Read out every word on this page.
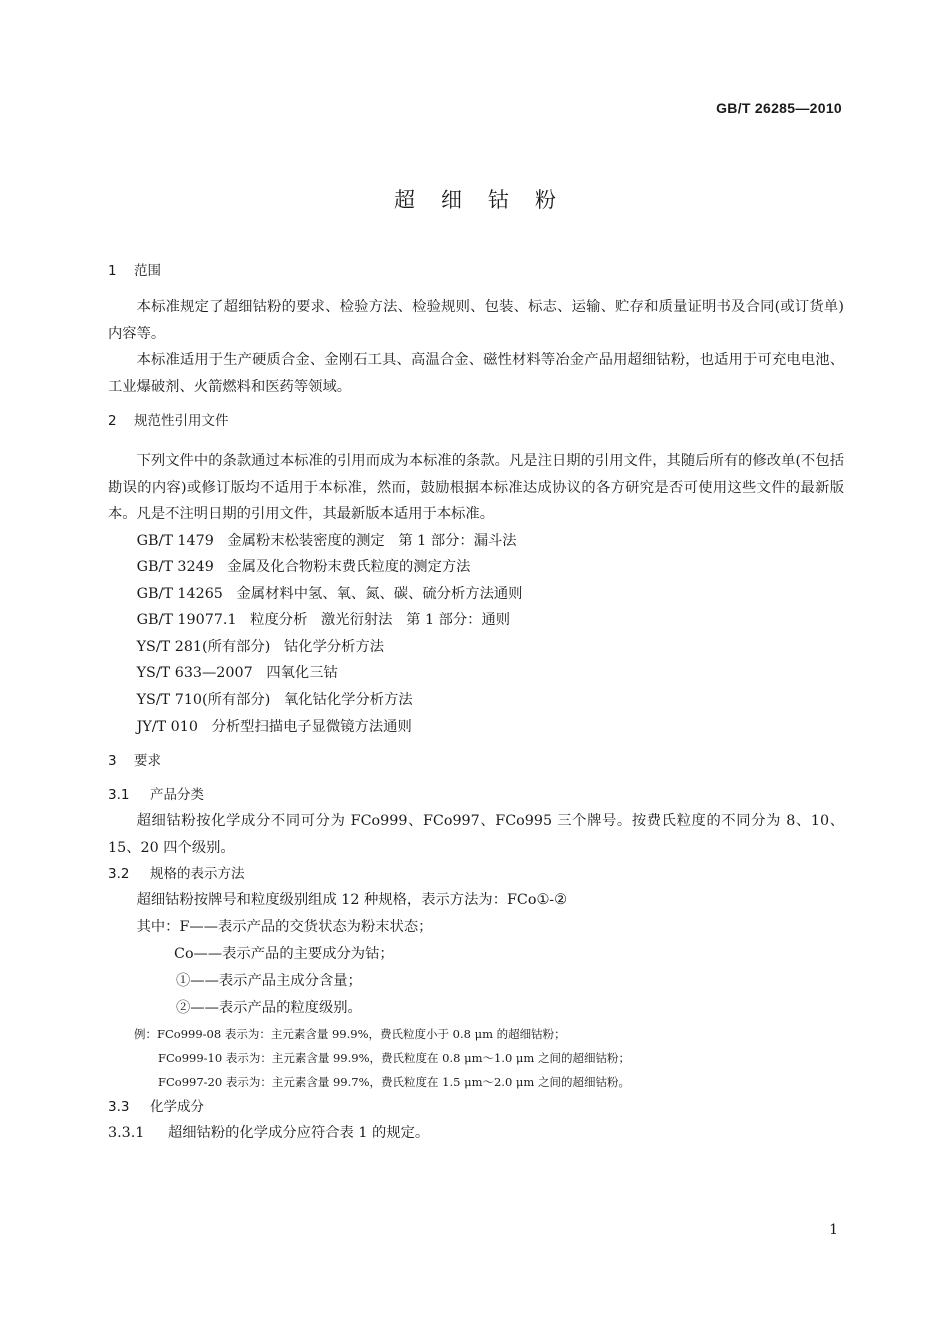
GB/T 26285—2010
超细钴粉
1 范围

本标准规定了超细钴粉的要求、检验方法、检验规则、包装、标志、运输、贮存和质量证明书及合同(或订货单)内容等。

本标准适用于生产硬质合金、金刚石工具、高温合金、磁性材料等冶金产品用超细钴粉，也适用于可充电电池、工业爆破剂、火箭燃料和医药等领域。

2 规范性引用文件

下列文件中的条款通过本标准的引用而成为本标准的条款。凡是注日期的引用文件，其随后所有的修改单(不包括勘误的内容)或修订版均不适用于本标准，然而，鼓励根据本标准达成协议的各方研究是否可使用这些文件的最新版本。凡是不注明日期的引用文件，其最新版本适用于本标准。

GB/T 1479   金属粉末松装密度的测定   第 1 部分：漏斗法

GB/T 3249   金属及化合物粉末费氏粒度的测定方法

GB/T 14265   金属材料中氢、氧、氮、碳、硫分析方法通则

GB/T 19077.1   粒度分析   激光衍射法   第 1 部分：通则

YS/T 281(所有部分)   钴化学分析方法

YS/T 633—2007   四氧化三钴

YS/T 710(所有部分)   氧化钴化学分析方法

JY/T 010   分析型扫描电子显微镜方法通则

3 要求
3.1 产品分类

超细钴粉按化学成分不同可分为 FCo999、FCo997、FCo995 三个牌号。按费氏粒度的不同分为 8、10、15、20 四个级别。

3.2 规格的表示方法

超细钴粉按牌号和粒度级别组成 12 种规格，表示方法为：FCo①-②

其中：F——表示产品的交货状态为粉末状态；

Co——表示产品的主要成分为钴；

①——表示产品主成分含量；

②——表示产品的粒度级别。

例：FCo999-08 表示为：主元素含量 99.9%，费氏粒度小于 0.8 μm 的超细钴粉；

FCo999-10 表示为：主元素含量 99.9%，费氏粒度在 0.8 μm～1.0 μm 之间的超细钴粉；

FCo997-20 表示为：主元素含量 99.7%，费氏粒度在 1.5 μm～2.0 μm 之间的超细钴粉。

3.3 化学成分

3.3.1 超细钴粉的化学成分应符合表 1 的规定。

1
